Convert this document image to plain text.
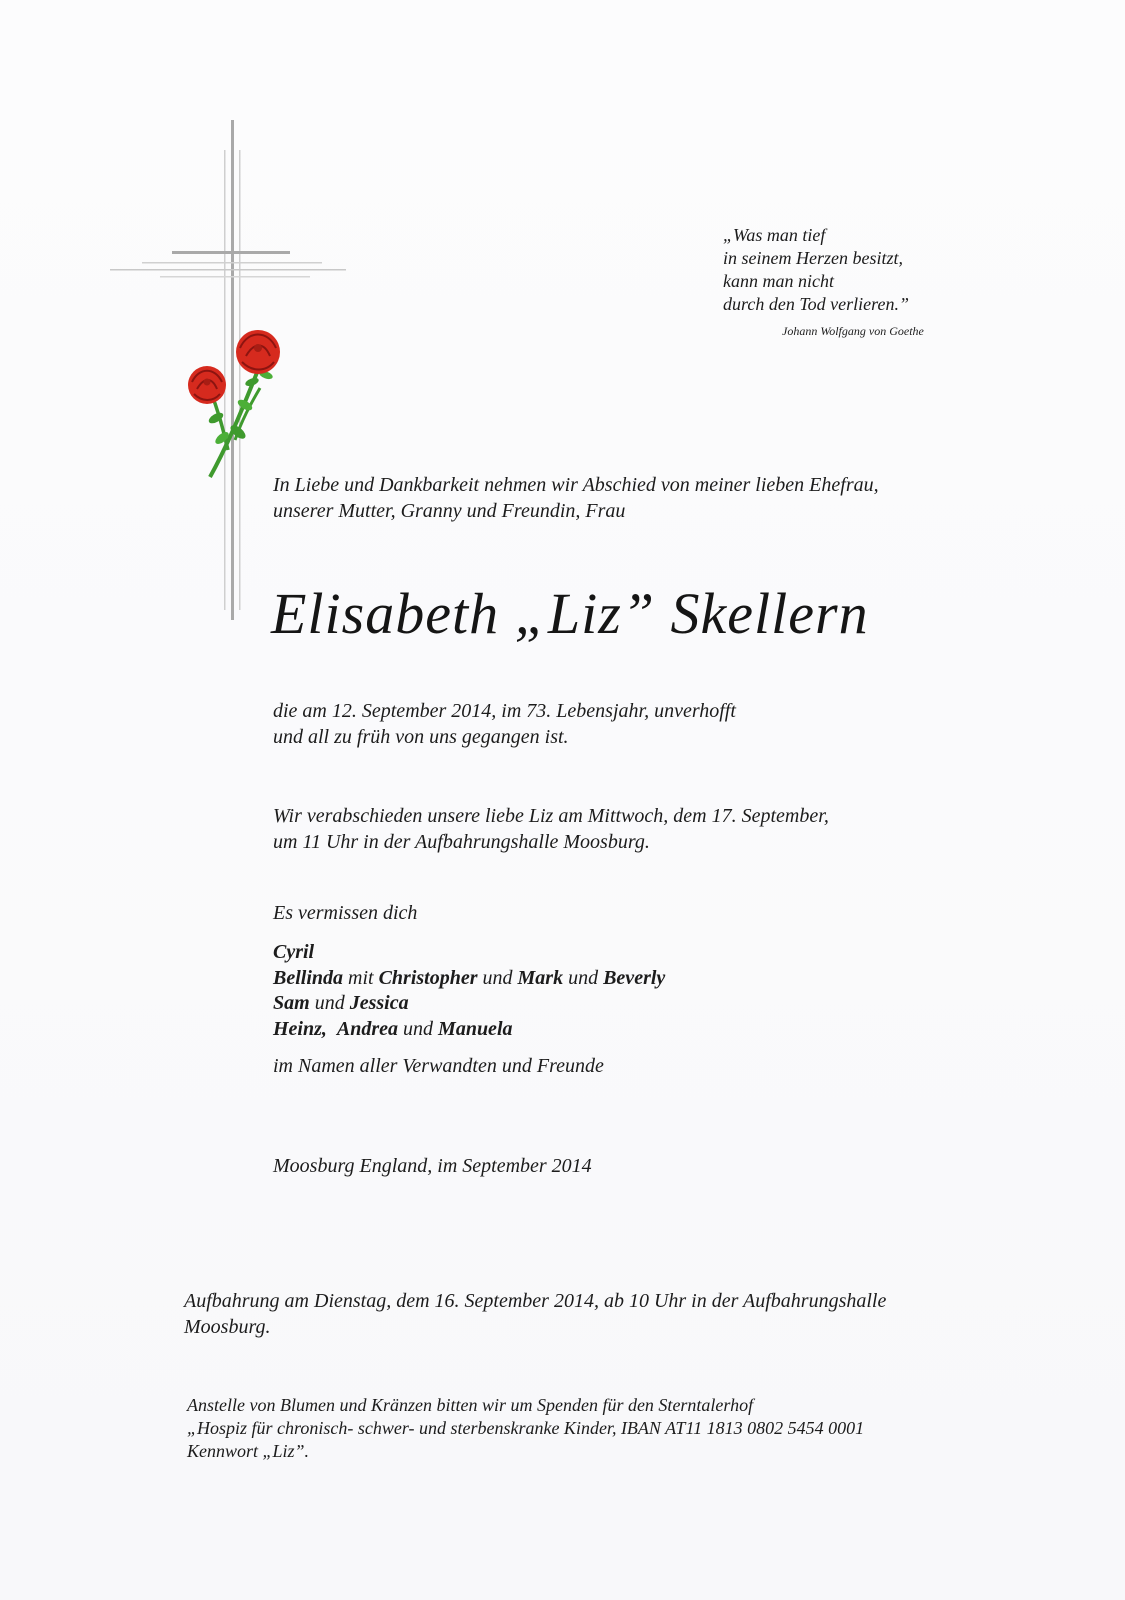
„Was man tief
in seinem Herzen besitzt,
kann man nicht
durch den Tod verlieren.”
Johann Wolfgang von Goethe
In Liebe und Dankbarkeit nehmen wir Abschied von meiner lieben Ehefrau,
unserer Mutter, Granny und Freundin, Frau
Elisabeth „Liz” Skellern
die am 12. September 2014, im 73. Lebensjahr, unverhofft
und all zu früh von uns gegangen ist.
Wir verabschieden unsere liebe Liz am Mittwoch, dem 17. September,
um 11 Uhr in der Aufbahrungshalle Moosburg.
Es vermissen dich
Cyril
Bellinda mit Christopher und Mark und Beverly
Sam und Jessica
Heinz, Andrea und Manuela
im Namen aller Verwandten und Freunde
Moosburg England, im September 2014
Aufbahrung am Dienstag, dem 16. September 2014, ab 10 Uhr in der Aufbahrungshalle
Moosburg.
Anstelle von Blumen und Kränzen bitten wir um Spenden für den Sterntalerhof
„Hospiz für chronisch- schwer- und sterbenskranke Kinder, IBAN AT11 1813 0802 5454 0001
Kennwort „Liz”.
